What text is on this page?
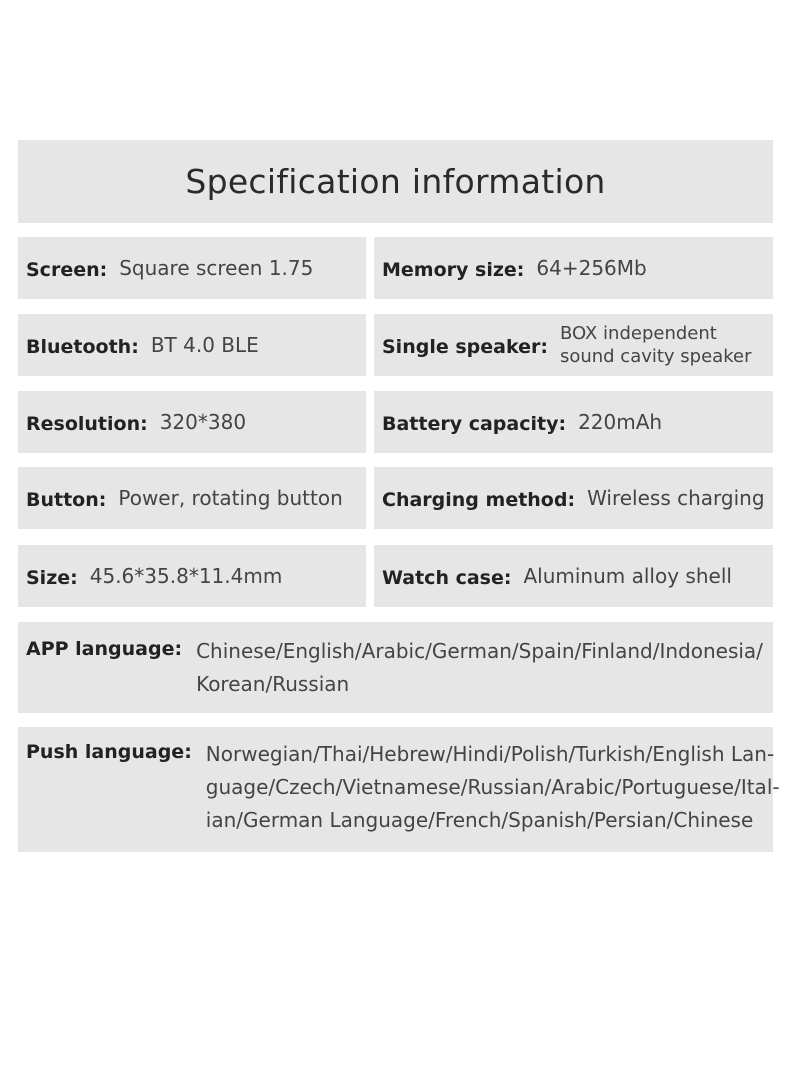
Specification information
Screen: Square screen 1.75	Memory size: 64+256Mb
Bluetooth: BT 4.0 BLE	Single speaker:
BOX independent
sound cavity speaker
Resolution: 320*380	Battery capacity: 220mAh
Button: Power, rotating button Charging method: Wireless charging
Size: 45.6*35.8*11.4mm	Watch case: Aluminum alloy shell
APP language: Chinese/English/Arabic/German/Spain/Finland/Indonesia/
Korean/Russian
Push language: Norwegian/Thai/Hebrew/Hindi/Polish/Turkish/English Lan-
guage/Czech/Vietnamese/Russian/Arabic/Portuguese/Ital-
ian/German Language/French/Spanish/Persian/Chinese
